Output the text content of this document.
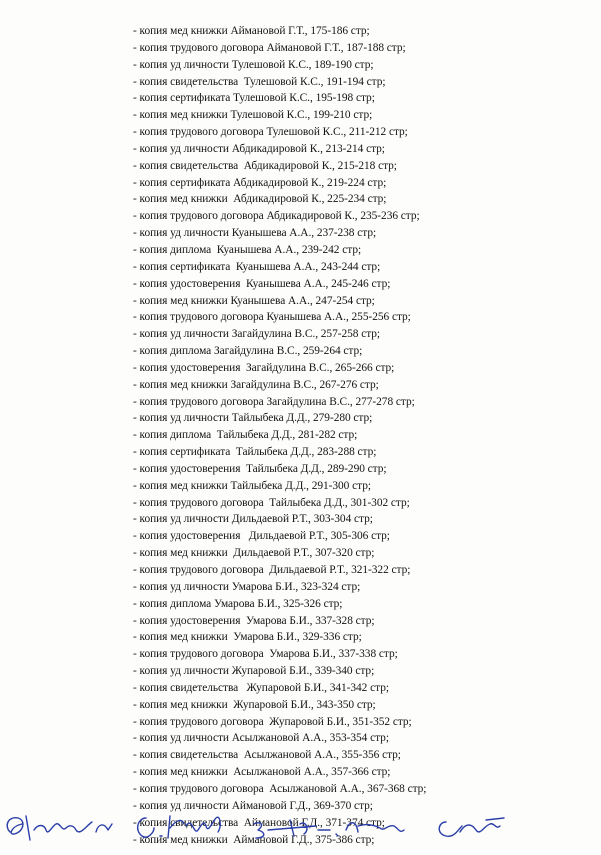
- копия мед книжки Аймановой Г.Т., 175-186 стр;
- копия трудового договора Аймановой Г.Т., 187-188 стр;
- копия уд личности Тулешовой К.С., 189-190 стр;
- копия свидетельства  Тулешовой К.С., 191-194 стр;
- копия сертификата Тулешовой К.С., 195-198 стр;
- копия мед книжки Тулешовой К.С., 199-210 стр;
- копия трудового договора Тулешовой К.С., 211-212 стр;
- копия уд личности Абдикадировой К., 213-214 стр;
- копия свидетельства  Абдикадировой К., 215-218 стр;
- копия сертификата Абдикадировой К., 219-224 стр;
- копия мед книжки  Абдикадировой К., 225-234 стр;
- копия трудового договора Абдикадировой К., 235-236 стр;
- копия уд личности Куанышева А.А., 237-238 стр;
- копия диплома  Куанышева А.А., 239-242 стр;
- копия сертификата  Куанышева А.А., 243-244 стр;
- копия удостоверения  Куанышева А.А., 245-246 стр;
- копия мед книжки Куанышева А.А., 247-254 стр;
- копия трудового договора Куанышева А.А., 255-256 стр;
- копия уд личности Загайдулина В.С., 257-258 стр;
- копия диплома Загайдулина В.С., 259-264 стр;
- копия удостоверения  Загайдулина В.С., 265-266 стр;
- копия мед книжки Загайдулина В.С., 267-276 стр;
- копия трудового договора Загайдулина В.С., 277-278 стр;
- копия уд личности Тайлыбека Д.Д., 279-280 стр;
- копия диплома  Тайлыбека Д.Д., 281-282 стр;
- копия сертификата  Тайлыбека Д.Д., 283-288 стр;
- копия удостоверения  Тайлыбека Д.Д., 289-290 стр;
- копия мед книжки Тайлыбека Д.Д., 291-300 стр;
- копия трудового договора  Тайлыбека Д.Д., 301-302 стр;
- копия уд личности Дильдаевой Р.Т., 303-304 стр;
- копия удостоверения   Дильдаевой Р.Т., 305-306 стр;
- копия мед книжки  Дильдаевой Р.Т., 307-320 стр;
- копия трудового договора  Дильдаевой Р.Т., 321-322 стр;
- копия уд личности Умарова Б.И., 323-324 стр;
- копия диплома Умарова Б.И., 325-326 стр;
- копия удостоверения  Умарова Б.И., 337-328 стр;
- копия мед книжки  Умарова Б.И., 329-336 стр;
- копия трудового договора  Умарова Б.И., 337-338 стр;
- копия уд личности Жупаровой Б.И., 339-340 стр;
- копия свидетельства   Жупаровой Б.И., 341-342 стр;
- копия мед книжки  Жупаровой Б.И., 343-350 стр;
- копия трудового договора  Жупаровой Б.И., 351-352 стр;
- копия уд личности Асылжановой А.А., 353-354 стр;
- копия свидетельства  Асылжановой А.А., 355-356 стр;
- копия мед книжки  Асылжановой А.А., 357-366 стр;
- копия трудового договора  Асылжановой А.А., 367-368 стр;
- копия уд личности Аймановой Г.Д., 369-370 стр;
- копия свидетельства  Аймановой Г.Д., 371-374 стр;
- копия мед книжки  Аймановой Г.Д., 375-386 стр;
